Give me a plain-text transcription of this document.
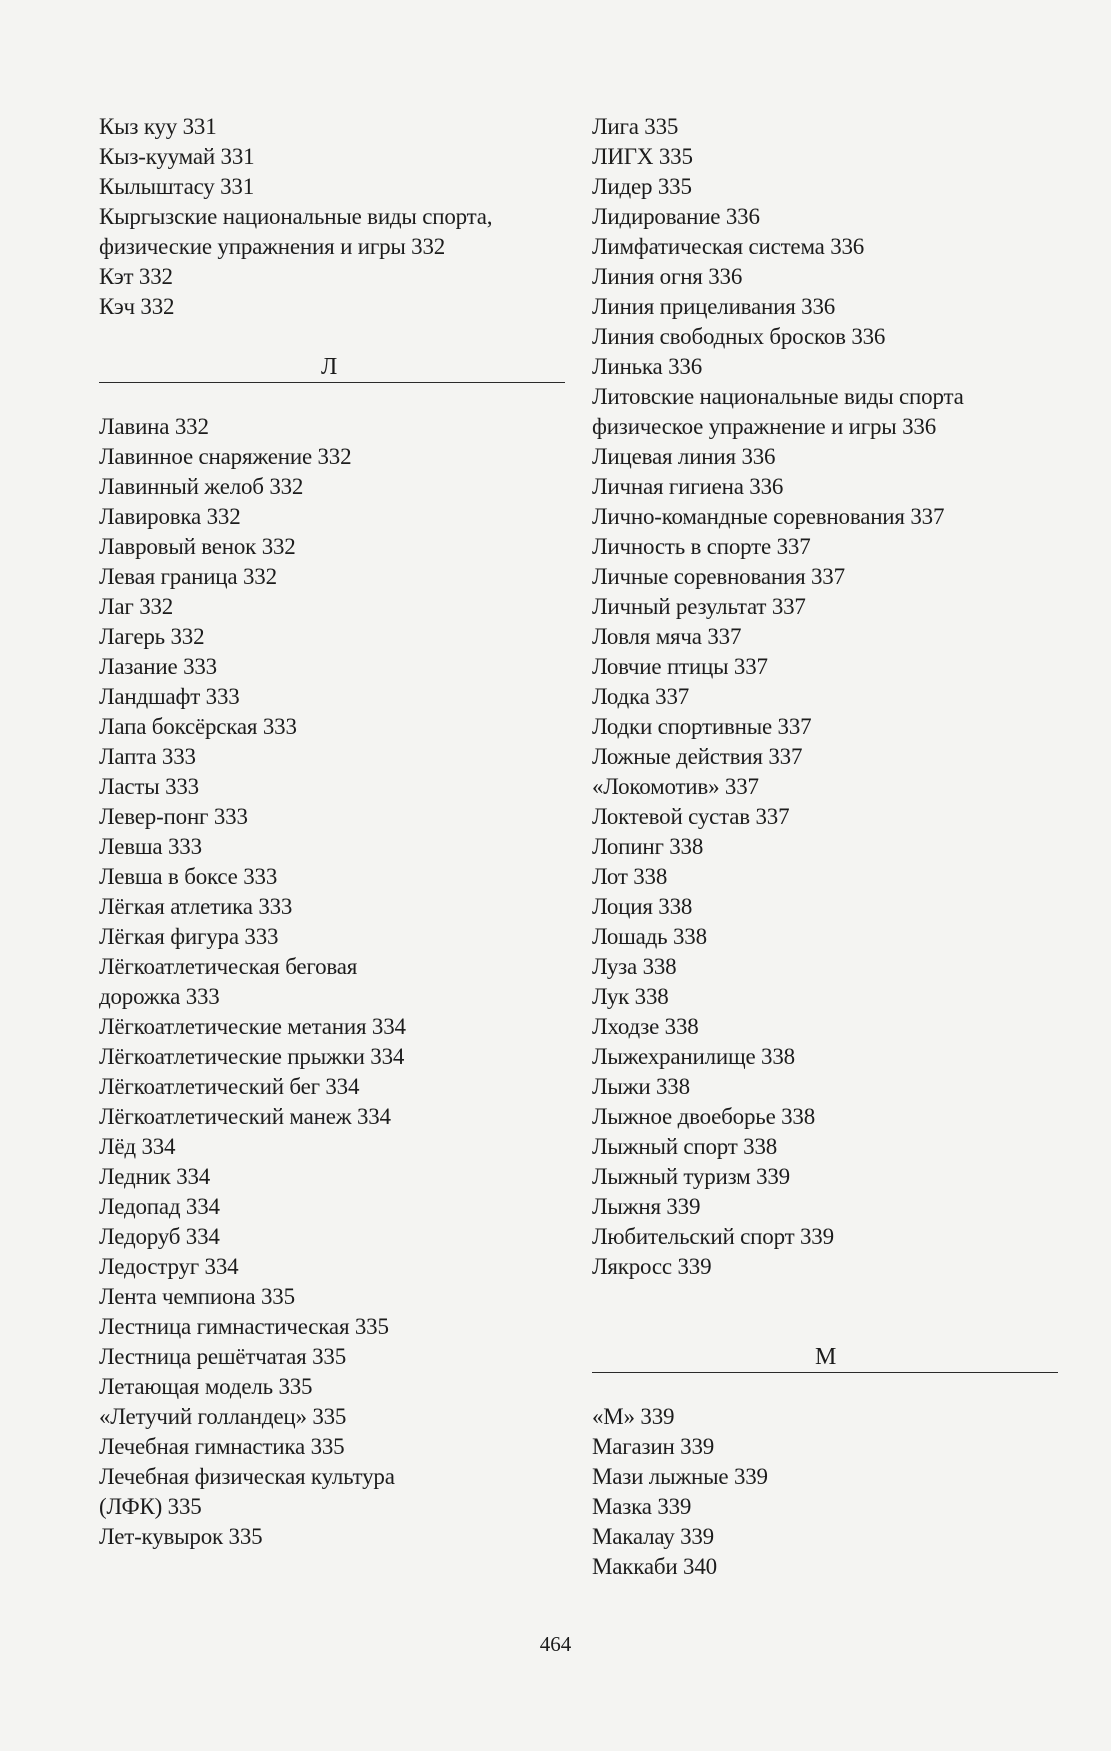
Кыз куу 331
Кыз-куумай 331
Кылыштасу 331
Кыргызские национальные виды спорта,
физические упражнения и игры 332
Кэт 332
Кэч 332
Л
Лавина 332
Лавинное снаряжение 332
Лавинный желоб 332
Лавировка 332
Лавровый венок 332
Левая граница 332
Лаг 332
Лагерь 332
Лазание 333
Ландшафт 333
Лапа боксёрская 333
Лапта 333
Ласты 333
Левер-понг 333
Левша 333
Левша в боксе 333
Лёгкая атлетика 333
Лёгкая фигура 333
Лёгкоатлетическая беговая
дорожка 333
Лёгкоатлетические метания 334
Лёгкоатлетические прыжки 334
Лёгкоатлетический бег 334
Лёгкоатлетический манеж 334
Лёд 334
Ледник 334
Ледопад 334
Ледоруб 334
Ледоструг 334
Лента чемпиона 335
Лестница гимнастическая 335
Лестница решётчатая 335
Летающая модель 335
«Летучий голландец» 335
Лечебная гимнастика 335
Лечебная физическая культура
(ЛФК) 335
Лет-кувырок 335
Лига 335
ЛИГХ 335
Лидер 335
Лидирование 336
Лимфатическая система 336
Линия огня 336
Линия прицеливания 336
Линия свободных бросков 336
Линька 336
Литовские национальные виды спорта
физическое упражнение и игры 336
Лицевая линия 336
Личная гигиена 336
Лично-командные соревнования 337
Личность в спорте 337
Личные соревнования 337
Личный результат 337
Ловля мяча 337
Ловчие птицы 337
Лодка 337
Лодки спортивные 337
Ложные действия 337
«Локомотив» 337
Локтевой сустав 337
Лопинг 338
Лот 338
Лоция 338
Лошадь 338
Луза 338
Лук 338
Лходзе 338
Лыжехранилище 338
Лыжи 338
Лыжное двоеборье 338
Лыжный спорт 338
Лыжный туризм 339
Лыжня 339
Любительский спорт 339
Лякросс 339
М
«М» 339
Магазин 339
Мази лыжные 339
Мазка 339
Макалау 339
Маккаби 340
464
